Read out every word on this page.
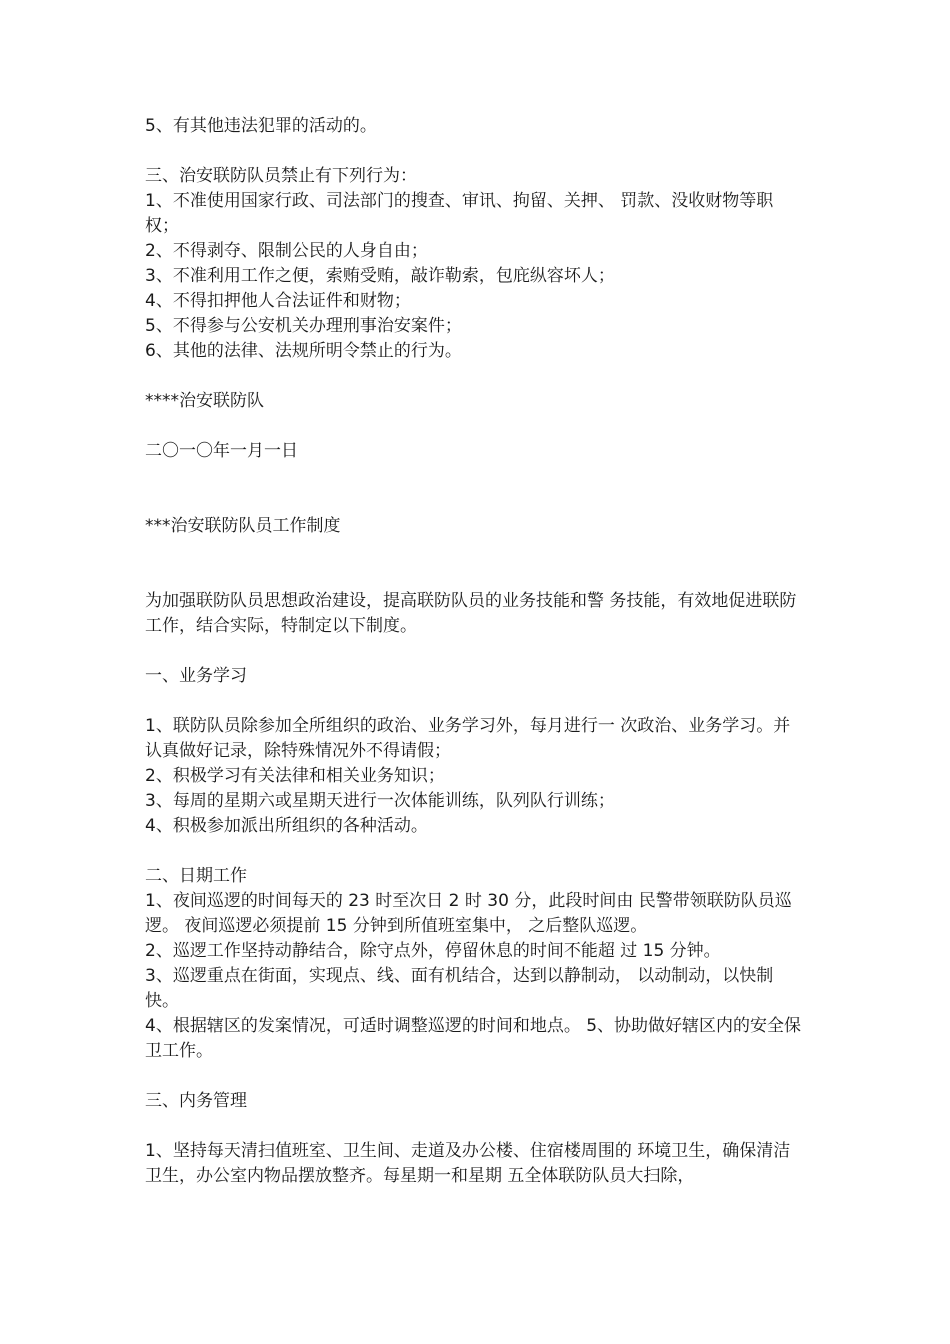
5、有其他违法犯罪的活动的。

三、治安联防队员禁止有下列行为：

1、不准使用国家行政、司法部门的搜查、审讯、拘留、关押、 罚款、没收财物等职权；

2、不得剥夺、限制公民的人身自由；

3、不准利用工作之便，索贿受贿，敲诈勒索，包庇纵容坏人；

4、不得扣押他人合法证件和财物；

5、不得参与公安机关办理刑事治安案件；

6、其他的法律、法规所明令禁止的行为。

****治安联防队

二〇一〇年一月一日

***治安联防队员工作制度

为加强联防队员思想政治建设，提高联防队员的业务技能和警 务技能，有效地促进联防工作，结合实际，特制定以下制度。

一、业务学习

1、联防队员除参加全所组织的政治、业务学习外，每月进行一 次政治、业务学习。并认真做好记录，除特殊情况外不得请假；

2、积极学习有关法律和相关业务知识；

3、每周的星期六或星期天进行一次体能训练，队列队行训练；

4、积极参加派出所组织的各种活动。

二、日期工作

1、夜间巡逻的时间每天的 23 时至次日 2 时 30 分，此段时间由 民警带领联防队员巡逻。 夜间巡逻必须提前 15 分钟到所值班室集中， 之后整队巡逻。

2、巡逻工作坚持动静结合，除守点外，停留休息的时间不能超 过 15 分钟。

3、巡逻重点在街面，实现点、线、面有机结合，达到以静制动， 以动制动，以快制快。

4、根据辖区的发案情况，可适时调整巡逻的时间和地点。 5、协助做好辖区内的安全保卫工作。

三、内务管理

1、坚持每天清扫值班室、卫生间、走道及办公楼、住宿楼周围的 环境卫生，确保清洁卫生，办公室内物品摆放整齐。每星期一和星期 五全体联防队员大扫除，
